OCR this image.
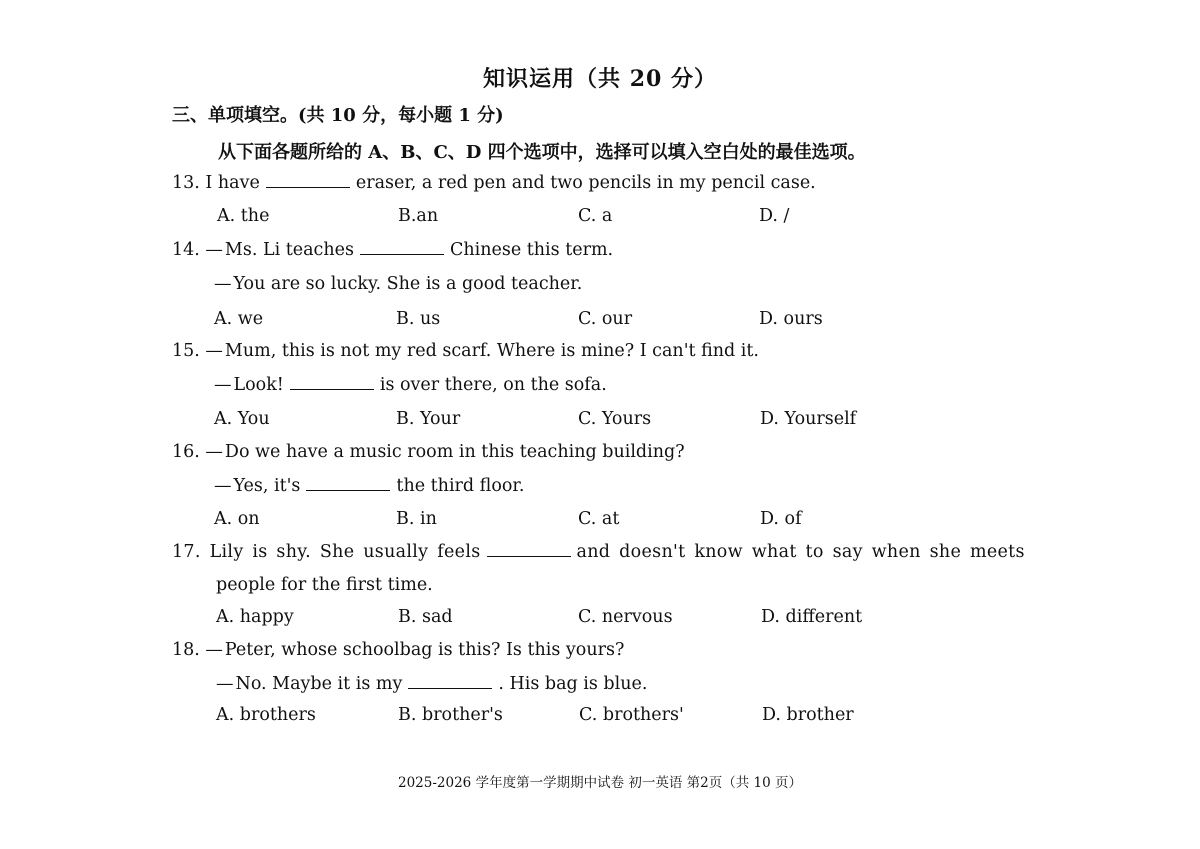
知识运用（共 20 分）
三、单项填空。(共 10 分，每小题 1 分)
从下面各题所给的 A、B、C、D 四个选项中，选择可以填入空白处的最佳选项。
13. I have	eraser, a red pen and two pencils in my pencil case.
A. the	B.an	C. a	D. /
14. — Ms. Li teaches	Chinese this term.
— You are so lucky. She is a good teacher.
A. we	B. us	C. our	D. ours
15. — Mum, this is not my red scarf. Where is mine? I can't find it.
— Look!	is over there, on the sofa.
A. You	B. Your	C. Yours	D. Yourself
16. — Do we have a music room in this teaching building?
— Yes, it's	the third floor.
A. on	B. in	C. at	D. of
17. Lily is shy. She usually feels	and doesn't know what to say when she meets
people for the first time.
A. happy	B. sad	C. nervous	D. different
18. — Peter, whose schoolbag is this? Is this yours?
— No. Maybe it is my	. His bag is blue.
A. brothers	B. brother's	C. brothers'	D. brother
2025-2026 学年度第一学期期中试卷 初一英语 第2页（共 10 页）
